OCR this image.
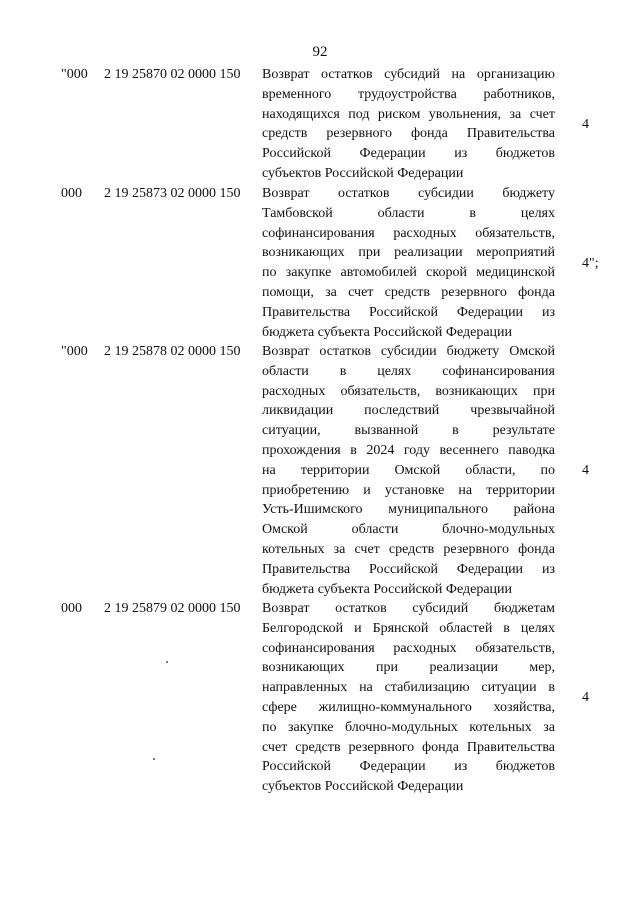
92
"000 2 19 25870 02 0000 150 Возврат остатков субсидий на организацию
временного трудоустройства работников,
находящихся под риском увольнения, за счет
средств резервного фонда Правительства
Российской Федерации из бюджетов
субъектов Российской Федерации
4
000 2 19 25873 02 0000 150 Возврат остатков субсидии бюджету
Тамбовской области в целях
софинансирования расходных обязательств,
возникающих при реализации мероприятий
по закупке автомобилей скорой медицинской
помощи, за счет средств резервного фонда
Правительства Российской Федерации из
бюджета субъекта Российской Федерации
4";
"000 2 19 25878 02 0000 150 Возврат остатков субсидии бюджету Омской
области в целях софинансирования
расходных обязательств, возникающих при
ликвидации последствий чрезвычайной
ситуации, вызванной в результате
прохождения в 2024 году весеннего паводка
на территории Омской области, по
приобретению и установке на территории
Усть-Ишимского муниципального района
Омской области блочно-модульных
котельных за счет средств резервного фонда
Правительства Российской Федерации из
бюджета субъекта Российской Федерации
4
000 2 19 25879 02 0000 150 Возврат остатков субсидий бюджетам
Белгородской и Брянской областей в целях
софинансирования расходных обязательств,
возникающих при реализации мер,
направленных на стабилизацию ситуации в
сфере жилищно-коммунального хозяйства,
по закупке блочно-модульных котельных за
счет средств резервного фонда Правительства
Российской Федерации из бюджетов
субъектов Российской Федерации
4
